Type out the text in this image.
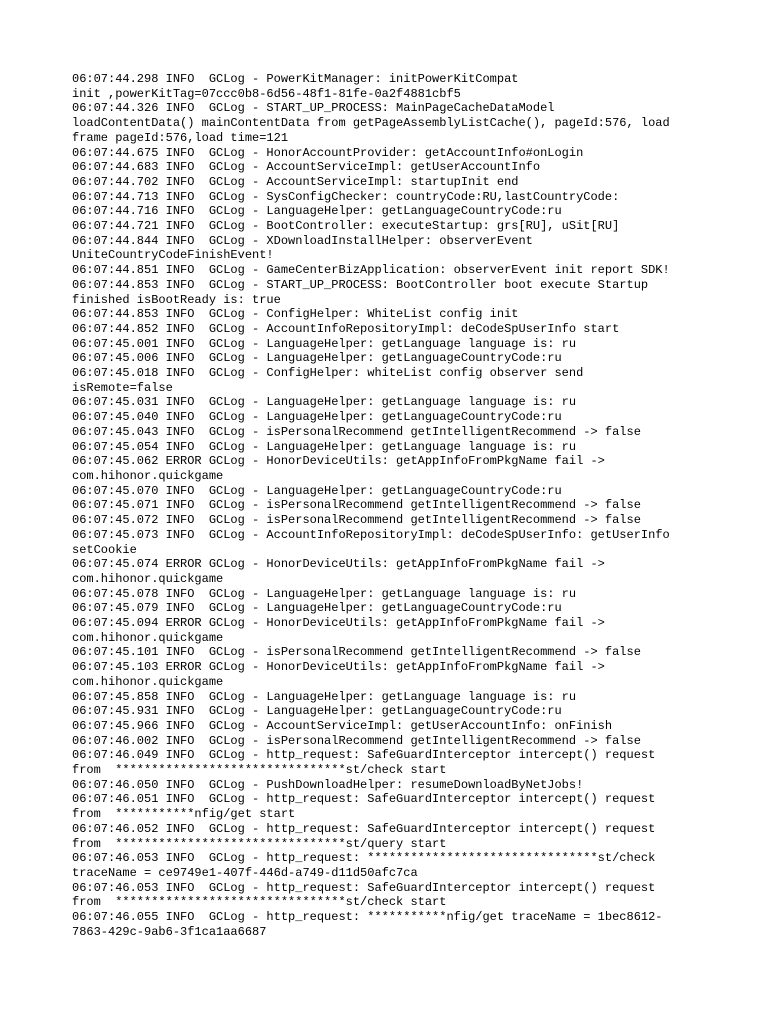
06:07:44.298 INFO  GCLog - PowerKitManager: initPowerKitCompat
init ,powerKitTag=07ccc0b8-6d56-48f1-81fe-0a2f4881cbf5
06:07:44.326 INFO  GCLog - START_UP_PROCESS: MainPageCacheDataModel
loadContentData() mainContentData from getPageAssemblyListCache(), pageId:576, load
frame pageId:576,load time=121
06:07:44.675 INFO  GCLog - HonorAccountProvider: getAccountInfo#onLogin
06:07:44.683 INFO  GCLog - AccountServiceImpl: getUserAccountInfo
06:07:44.702 INFO  GCLog - AccountServiceImpl: startupInit end
06:07:44.713 INFO  GCLog - SysConfigChecker: countryCode:RU,lastCountryCode:
06:07:44.716 INFO  GCLog - LanguageHelper: getLanguageCountryCode:ru
06:07:44.721 INFO  GCLog - BootController: executeStartup: grs[RU], uSit[RU]
06:07:44.844 INFO  GCLog - XDownloadInstallHelper: observerEvent
UniteCountryCodeFinishEvent!
06:07:44.851 INFO  GCLog - GameCenterBizApplication: observerEvent init report SDK!
06:07:44.853 INFO  GCLog - START_UP_PROCESS: BootController boot execute Startup
finished isBootReady is: true
06:07:44.853 INFO  GCLog - ConfigHelper: WhiteList config init
06:07:44.852 INFO  GCLog - AccountInfoRepositoryImpl: deCodeSpUserInfo start
06:07:45.001 INFO  GCLog - LanguageHelper: getLanguage language is: ru
06:07:45.006 INFO  GCLog - LanguageHelper: getLanguageCountryCode:ru
06:07:45.018 INFO  GCLog - ConfigHelper: whiteList config observer send
isRemote=false
06:07:45.031 INFO  GCLog - LanguageHelper: getLanguage language is: ru
06:07:45.040 INFO  GCLog - LanguageHelper: getLanguageCountryCode:ru
06:07:45.043 INFO  GCLog - isPersonalRecommend getIntelligentRecommend -> false
06:07:45.054 INFO  GCLog - LanguageHelper: getLanguage language is: ru
06:07:45.062 ERROR GCLog - HonorDeviceUtils: getAppInfoFromPkgName fail ->
com.hihonor.quickgame
06:07:45.070 INFO  GCLog - LanguageHelper: getLanguageCountryCode:ru
06:07:45.071 INFO  GCLog - isPersonalRecommend getIntelligentRecommend -> false
06:07:45.072 INFO  GCLog - isPersonalRecommend getIntelligentRecommend -> false
06:07:45.073 INFO  GCLog - AccountInfoRepositoryImpl: deCodeSpUserInfo: getUserInfo
setCookie
06:07:45.074 ERROR GCLog - HonorDeviceUtils: getAppInfoFromPkgName fail ->
com.hihonor.quickgame
06:07:45.078 INFO  GCLog - LanguageHelper: getLanguage language is: ru
06:07:45.079 INFO  GCLog - LanguageHelper: getLanguageCountryCode:ru
06:07:45.094 ERROR GCLog - HonorDeviceUtils: getAppInfoFromPkgName fail ->
com.hihonor.quickgame
06:07:45.101 INFO  GCLog - isPersonalRecommend getIntelligentRecommend -> false
06:07:45.103 ERROR GCLog - HonorDeviceUtils: getAppInfoFromPkgName fail ->
com.hihonor.quickgame
06:07:45.858 INFO  GCLog - LanguageHelper: getLanguage language is: ru
06:07:45.931 INFO  GCLog - LanguageHelper: getLanguageCountryCode:ru
06:07:45.966 INFO  GCLog - AccountServiceImpl: getUserAccountInfo: onFinish
06:07:46.002 INFO  GCLog - isPersonalRecommend getIntelligentRecommend -> false
06:07:46.049 INFO  GCLog - http_request: SafeGuardInterceptor intercept() request
from  ********************************st/check start
06:07:46.050 INFO  GCLog - PushDownloadHelper: resumeDownloadByNetJobs!
06:07:46.051 INFO  GCLog - http_request: SafeGuardInterceptor intercept() request
from  ***********nfig/get start
06:07:46.052 INFO  GCLog - http_request: SafeGuardInterceptor intercept() request
from  ********************************st/query start
06:07:46.053 INFO  GCLog - http_request: ********************************st/check
traceName = ce9749e1-407f-446d-a749-d11d50afc7ca
06:07:46.053 INFO  GCLog - http_request: SafeGuardInterceptor intercept() request
from  ********************************st/check start
06:07:46.055 INFO  GCLog - http_request: ***********nfig/get traceName = 1bec8612-
7863-429c-9ab6-3f1ca1aa6687
